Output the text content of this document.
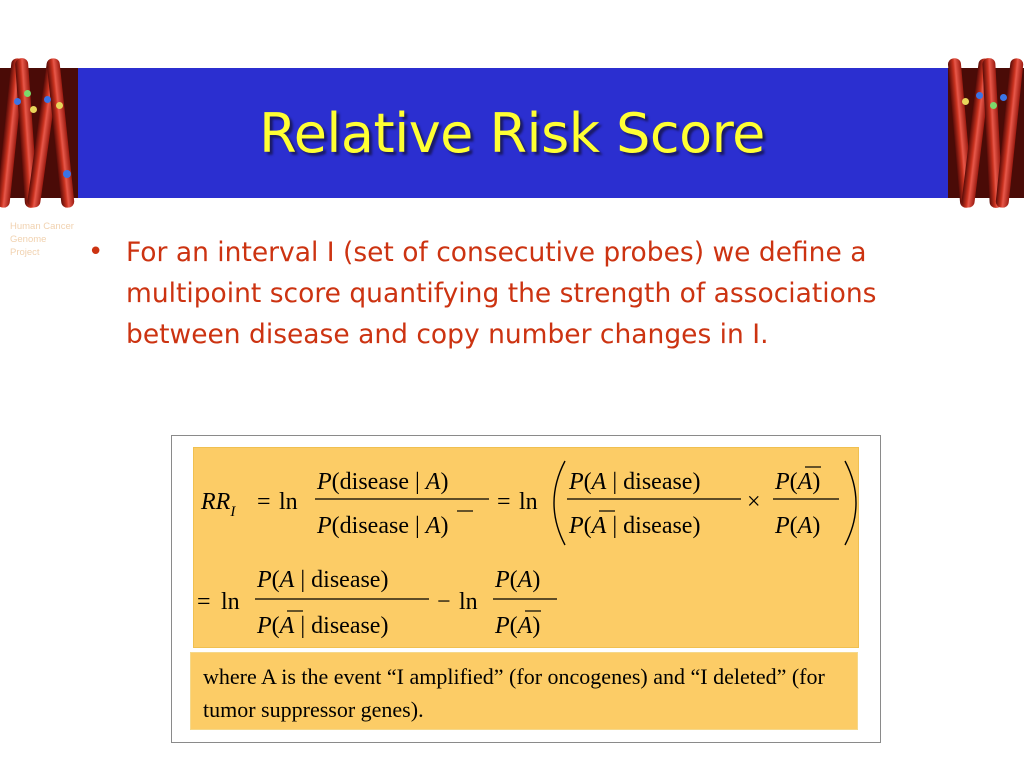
Human Cancer
Genome
Project
Relative Risk Score
• For an interval I (set of consecutive probes) we define a multipoint score quantifying the strength of associations between disease and copy number changes in I.
$RR_I = \ln$
P(disease | A)
P(disease | A)
= ln
P(A | disease)
P(A | disease)
×
P(A)
P(A)
= ln
P(A | disease)
P(A | disease)
− ln
P(A)
P(A)
where A is the event “I amplified” (for oncogenes) and “I deleted” (for tumor suppressor genes).
